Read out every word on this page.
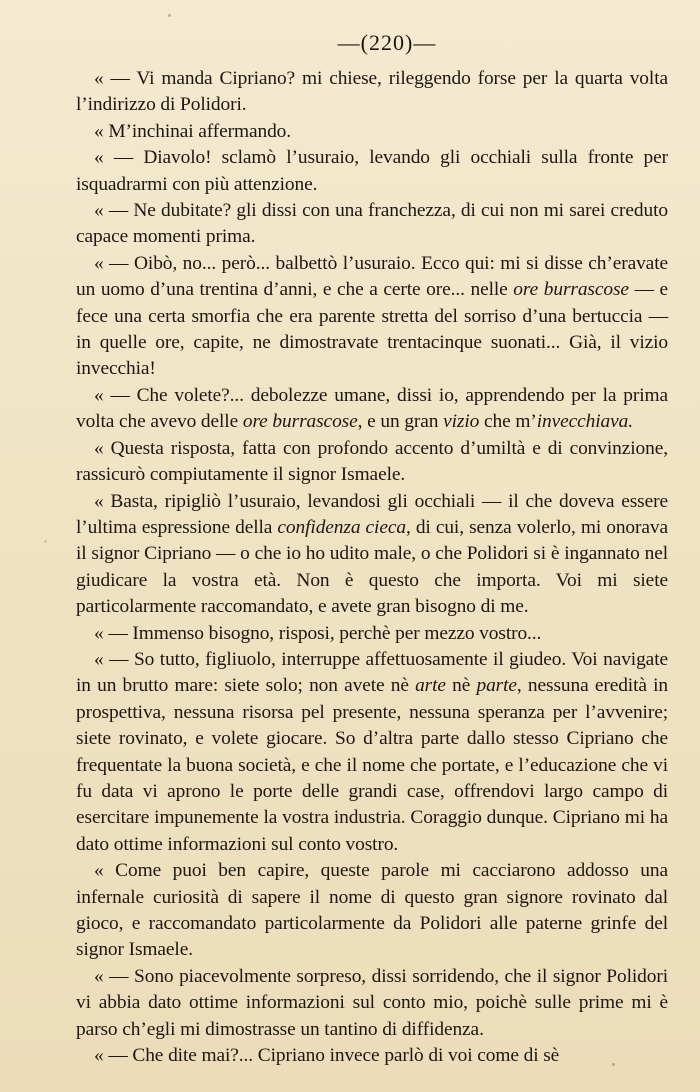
—(220)—

« — Vi manda Cipriano? mi chiese, rileggendo forse per la quarta volta l’indirizzo di Polidori.

« M’inchinai affermando.

« — Diavolo! sclamò l’usuraio, levando gli occhiali sulla fronte per isquadrarmi con più attenzione.

« — Ne dubitate? gli dissi con una franchezza, di cui non mi sarei creduto capace momenti prima.

« — Oibò, no... però... balbettò l’usuraio. Ecco qui: mi si disse ch’eravate un uomo d’una trentina d’anni, e che a certe ore... nelle ore burrascose — e fece una certa smorfia che era parente stretta del sorriso d’una bertuccia — in quelle ore, capite, ne dimostravate trentacinque suonati... Già, il vizio invecchia!

« — Che volete?... debolezze umane, dissi io, apprendendo per la prima volta che avevo delle ore burrascose, e un gran vizio che m’invecchiava.

« Questa risposta, fatta con profondo accento d’umiltà e di convinzione, rassicurò compiutamente il signor Ismaele.

« Basta, ripigliò l’usuraio, levandosi gli occhiali — il che doveva essere l’ultima espressione della confidenza cieca, di cui, senza volerlo, mi onorava il signor Cipriano — o che io ho udito male, o che Polidori si è ingannato nel giudicare la vostra età. Non è questo che importa. Voi mi siete particolarmente raccomandato, e avete gran bisogno di me.

« — Immenso bisogno, risposi, perchè per mezzo vostro...

« — So tutto, figliuolo, interruppe affettuosamente il giudeo. Voi navigate in un brutto mare: siete solo; non avete nè arte nè parte, nessuna eredità in prospettiva, nessuna risorsa pel presente, nessuna speranza per l’avvenire; siete rovinato, e volete giocare. So d’altra parte dallo stesso Cipriano che frequentate la buona società, e che il nome che portate, e l’educazione che vi fu data vi aprono le porte delle grandi case, offrendovi largo campo di esercitare impunemente la vostra industria. Coraggio dunque. Cipriano mi ha dato ottime informazioni sul conto vostro.

« Come puoi ben capire, queste parole mi cacciarono addosso una infernale curiosità di sapere il nome di questo gran signore rovinato dal gioco, e raccomandato particolarmente da Polidori alle paterne grinfe del signor Ismaele.

« — Sono piacevolmente sorpreso, dissi sorridendo, che il signor Polidori vi abbia dato ottime informazioni sul conto mio, poichè sulle prime mi è parso ch’egli mi dimostrasse un tantino di diffidenza.

« — Che dite mai?... Cipriano invece parlò di voi come di sè
